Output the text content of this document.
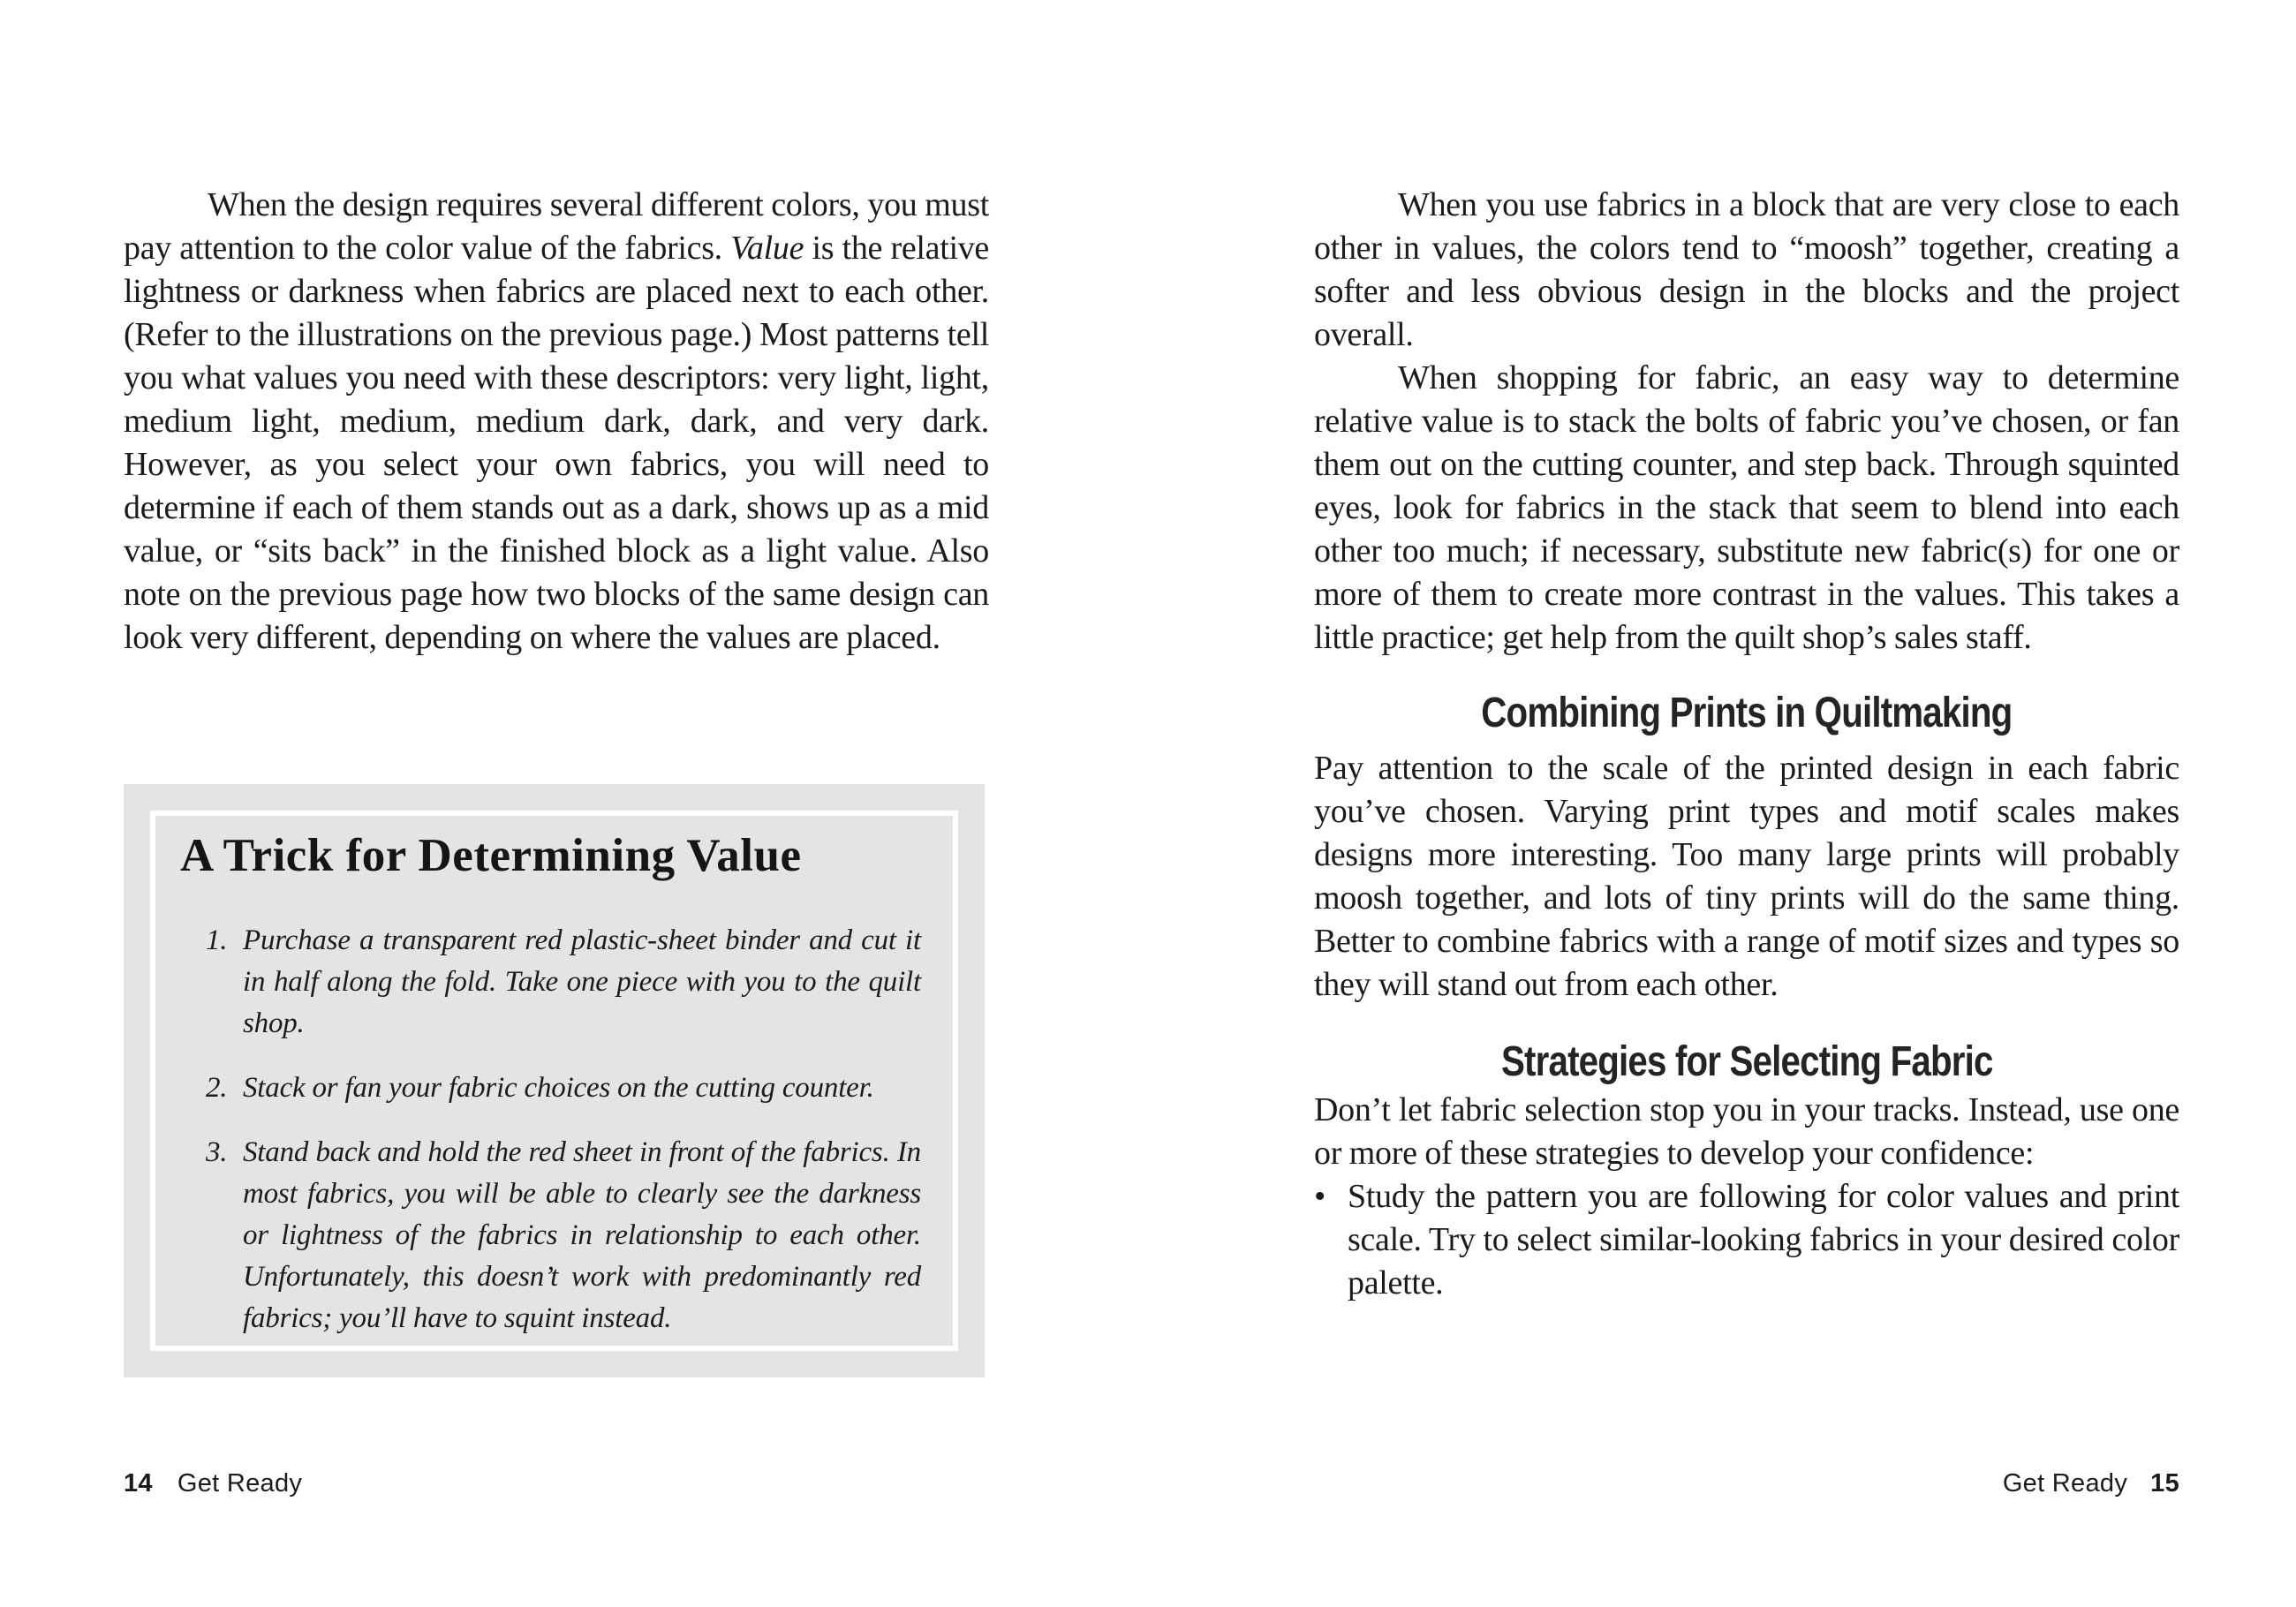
When the design requires several different colors, you must pay attention to the color value of the fabrics. Value is the relative lightness or darkness when fabrics are placed next to each other. (Refer to the illustrations on the previous page.) Most patterns tell you what values you need with these descriptors: very light, light, medium light, medium, medium dark, dark, and very dark. However, as you select your own fabrics, you will need to determine if each of them stands out as a dark, shows up as a mid value, or “sits back” in the finished block as a light value. Also note on the previous page how two blocks of the same design can look very different, depending on where the values are placed.

A Trick for Determining Value
1. Purchase a transparent red plastic-sheet binder and cut it in half along the fold. Take one piece with you to the quilt shop.
2. Stack or fan your fabric choices on the cutting counter.
3. Stand back and hold the red sheet in front of the fabrics. In most fabrics, you will be able to clearly see the darkness or lightness of the fabrics in relationship to each other. Unfortunately, this doesn’t work with predominantly red fabrics; you’ll have to squint instead.
14 Get Ready

When you use fabrics in a block that are very close to each other in values, the colors tend to “moosh” together, creating a softer and less obvious design in the blocks and the project overall.

When shopping for fabric, an easy way to determine relative value is to stack the bolts of fabric you’ve chosen, or fan them out on the cutting counter, and step back. Through squinted eyes, look for fabrics in the stack that seem to blend into each other too much; if necessary, substitute new fabric(s) for one or more of them to create more contrast in the values. This takes a little practice; get help from the quilt shop’s sales staff.

Combining Prints in Quiltmaking

Pay attention to the scale of the printed design in each fabric you’ve chosen. Varying print types and motif scales makes designs more interesting. Too many large prints will probably moosh together, and lots of tiny prints will do the same thing. Better to combine fabrics with a range of motif sizes and types so they will stand out from each other.

Strategies for Selecting Fabric

Don’t let fabric selection stop you in your tracks. Instead, use one or more of these strategies to develop your confidence:

• Study the pattern you are following for color values and print scale. Try to select similar-looking fabrics in your desired color palette.

Get Ready 15
